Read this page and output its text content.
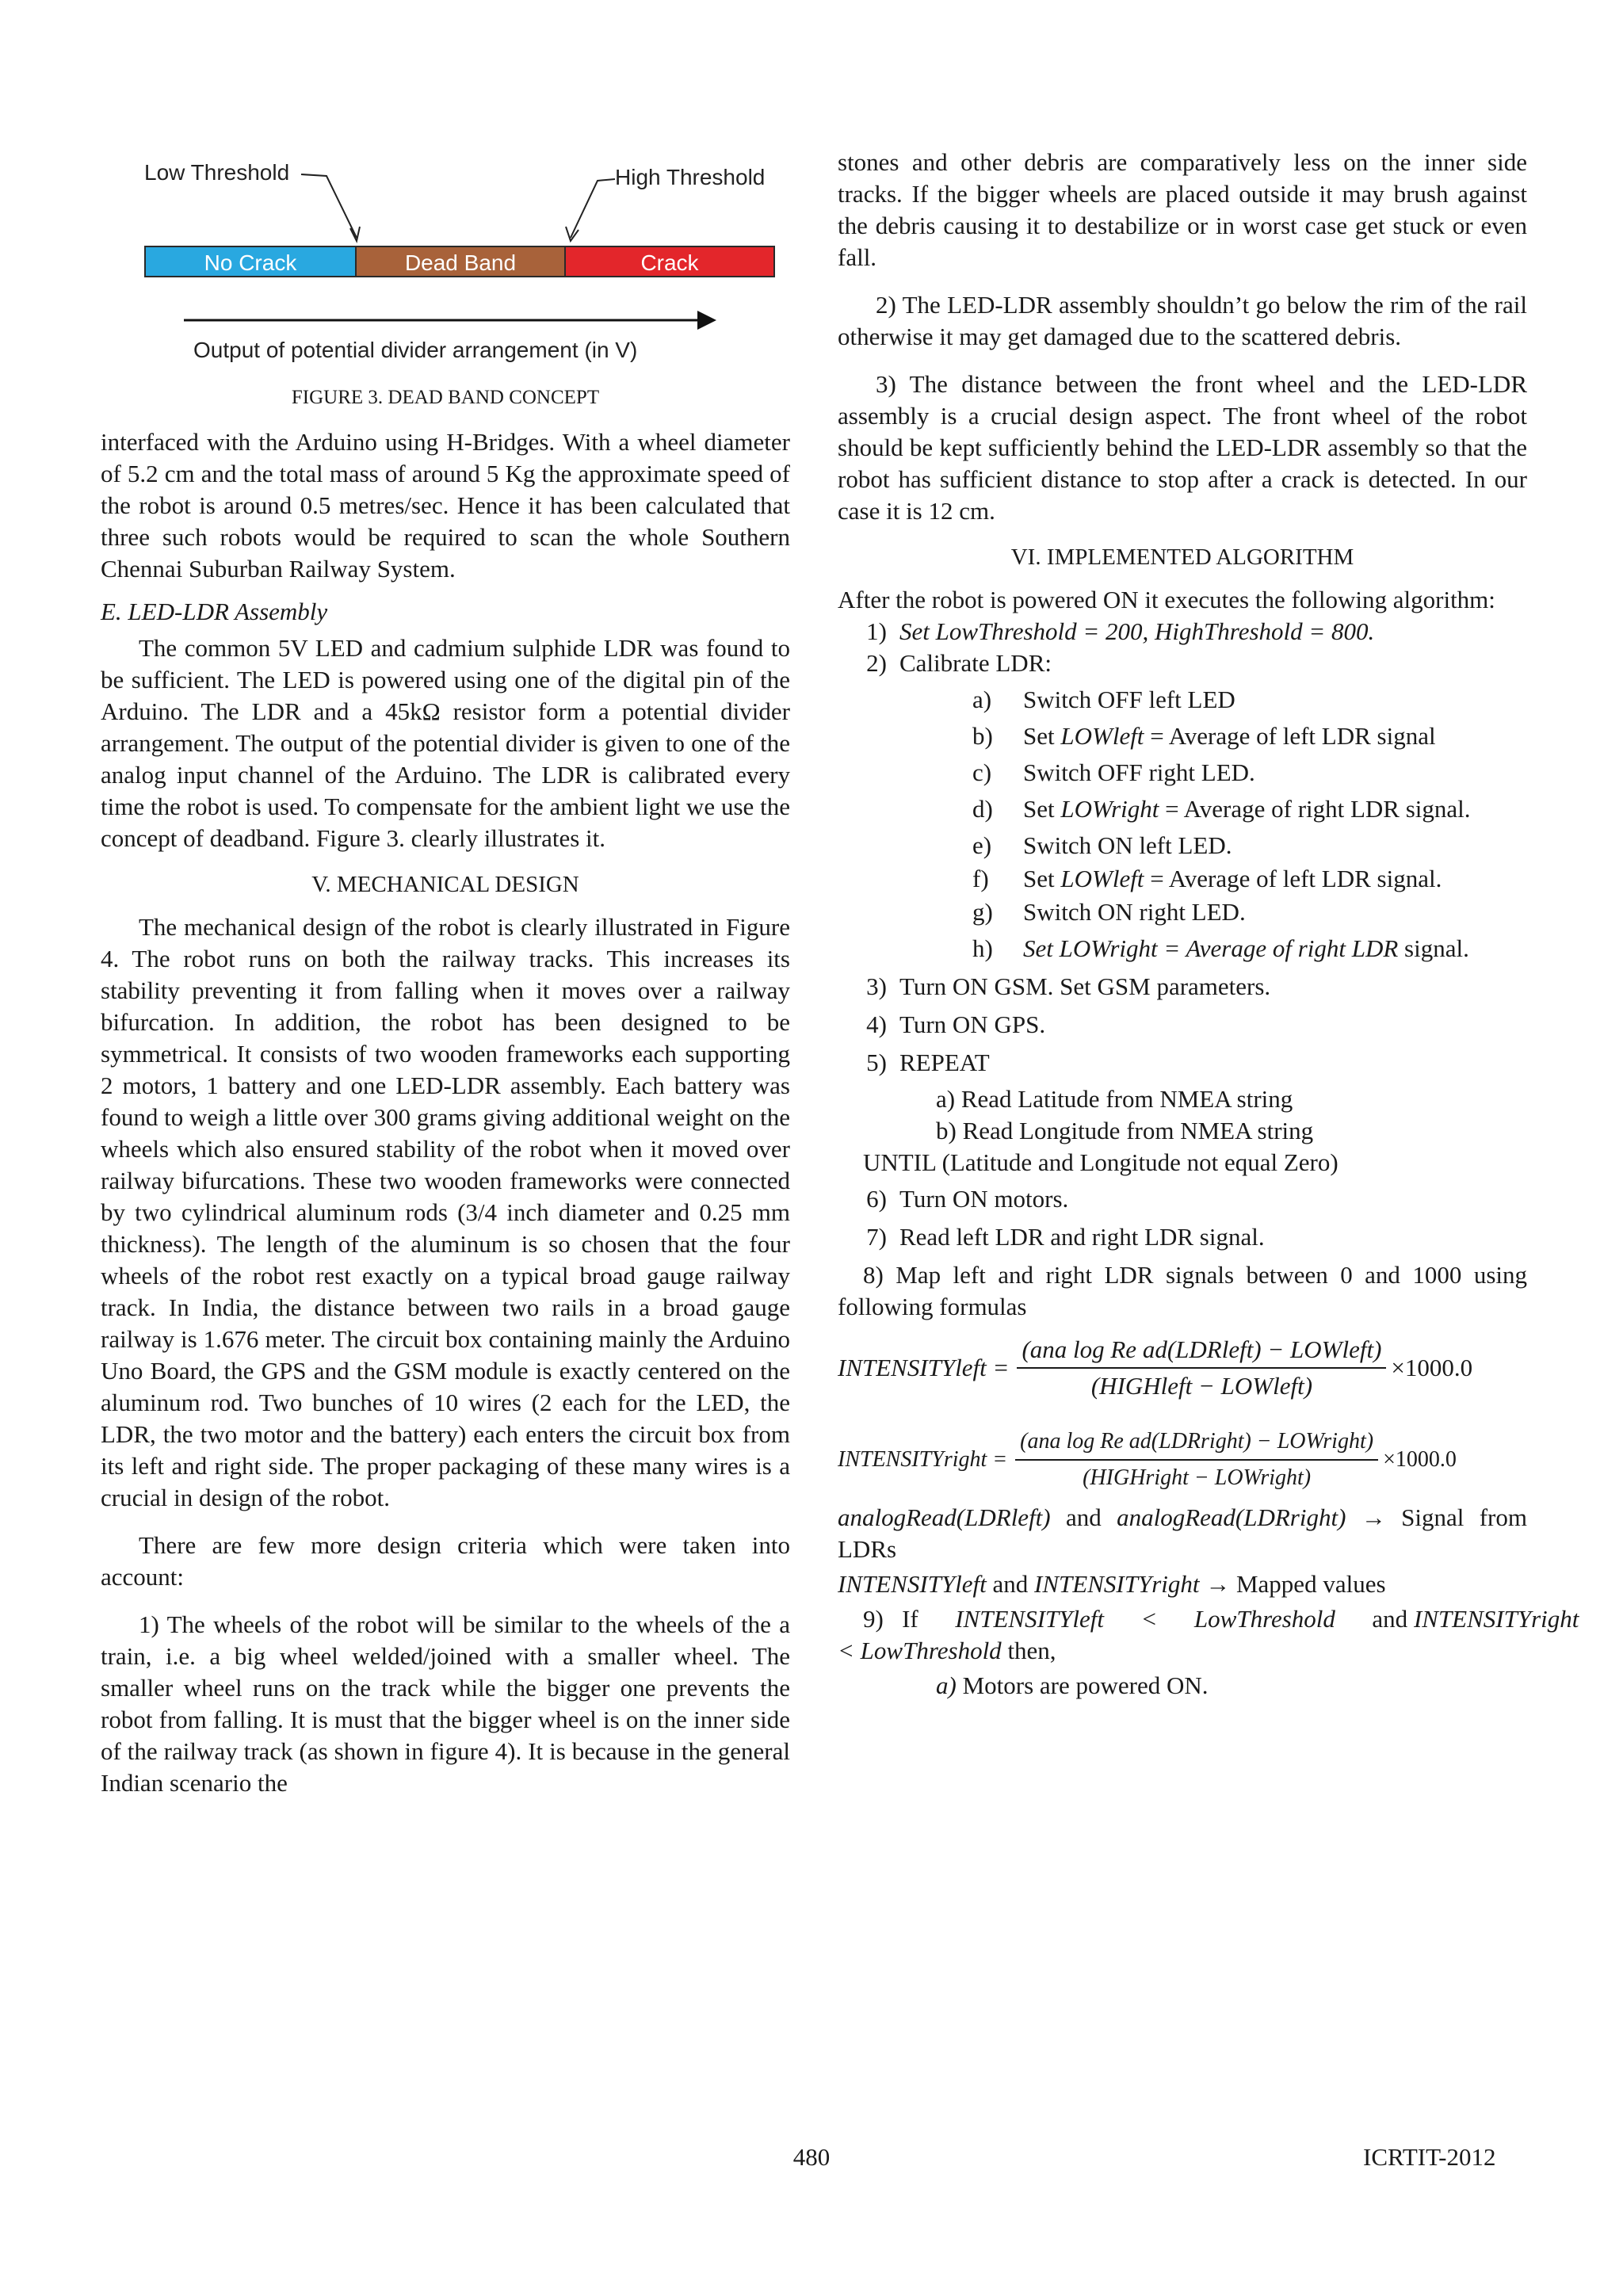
Low Threshold	High Threshold
No Crack	Dead Band	Crack
Output of potential divider arrangement (in V)
FIGURE 3. DEAD BAND CONCEPT

interfaced with the Arduino using H-Bridges. With a wheel diameter of 5.2 cm and the total mass of around 5 Kg the approximate speed of the robot is around 0.5 metres/sec. Hence it has been calculated that three such robots would be required to scan the whole Southern Chennai Suburban Railway System.

E. LED-LDR Assembly

The common 5V LED and cadmium sulphide LDR was found to be sufficient. The LED is powered using one of the digital pin of the Arduino. The LDR and a 45kΩ resistor form a potential divider arrangement. The output of the potential divider is given to one of the analog input channel of the Arduino. The LDR is calibrated every time the robot is used. To compensate for the ambient light we use the concept of deadband. Figure 3. clearly illustrates it.

V. MECHANICAL DESIGN

The mechanical design of the robot is clearly illustrated in Figure 4. The robot runs on both the railway tracks. This increases its stability preventing it from falling when it moves over a railway bifurcation. In addition, the robot has been designed to be symmetrical. It consists of two wooden frameworks each supporting 2 motors, 1 battery and one LED-LDR assembly. Each battery was found to weigh a little over 300 grams giving additional weight on the wheels which also ensured stability of the robot when it moved over railway bifurcations. These two wooden frameworks were connected by two cylindrical aluminum rods (3/4 inch diameter and 0.25 mm thickness). The length of the aluminum is so chosen that the four wheels of the robot rest exactly on a typical broad gauge railway track. In India, the distance between two rails in a broad gauge railway is 1.676 meter. The circuit box containing mainly the Arduino Uno Board, the GPS and the GSM module is exactly centered on the aluminum rod. Two bunches of 10 wires (2 each for the LED, the LDR, the two motor and the battery) each enters the circuit box from its left and right side. The proper packaging of these many wires is a crucial in design of the robot.

There are few more design criteria which were taken into account:

1) The wheels of the robot will be similar to the wheels of the a train, i.e. a big wheel welded/joined with a smaller wheel. The smaller wheel runs on the track while the bigger one prevents the robot from falling. It is must that the bigger wheel is on the inner side of the railway track (as shown in figure 4). It is because in the general Indian scenario the

stones and other debris are comparatively less on the inner side tracks. If the bigger wheels are placed outside it may brush against the debris causing it to destabilize or in worst case get stuck or even fall.

2) The LED-LDR assembly shouldn’t go below the rim of the rail otherwise it may get damaged due to the scattered debris.

3) The distance between the front wheel and the LED-LDR assembly is a crucial design aspect. The front wheel of the robot should be kept sufficiently behind the LED-LDR assembly so that the robot has sufficient distance to stop after a crack is detected. In our case it is 12 cm.

VI. IMPLEMENTED ALGORITHM

After the robot is powered ON it executes the following algorithm:

1) Set LowThreshold = 200, HighThreshold = 800.
2) Calibrate LDR:
a)	Switch OFF left LED
b)	Set LOWleft = Average of left LDR signal
c)	Switch OFF right LED.
d)	Set LOWright = Average of right LDR signal.
e)	Switch ON left LED.
f)	Set LOWleft = Average of left LDR signal.
g)	Switch ON right LED.
h)	Set LOWright = Average of right LDR signal.
3) Turn ON GSM. Set GSM parameters.
4) Turn ON GPS.
5) REPEAT
a) Read Latitude from NMEA string
b) Read Longitude from NMEA string
UNTIL (Latitude and Longitude not equal Zero)
6) Turn ON motors.
7) Read left LDR and right LDR signal.

8) Map left and right LDR signals between 0 and 1000 using following formulas

INTENSITYleft = $\frac{\text{(ana log Re ad(LDRleft) − LOWleft)}}{\text{(HIGHleft − LOWleft)}} \times 1000.0$
INTENSITYright = $\frac{\text{(ana log Re ad(LDRright) − LOWright)}}{\text{(HIGHright − LOWright)}} \times 1000.0$

analogRead(LDRleft) and analogRead(LDRright) → Signal from LDRs

INTENSITYleft and INTENSITYright → Mapped values

9)   If      INTENSITYleft      <      LowThreshold      and INTENSITYright < LowThreshold then,

a) Motors are powered ON.

480	ICRTIT-2012
